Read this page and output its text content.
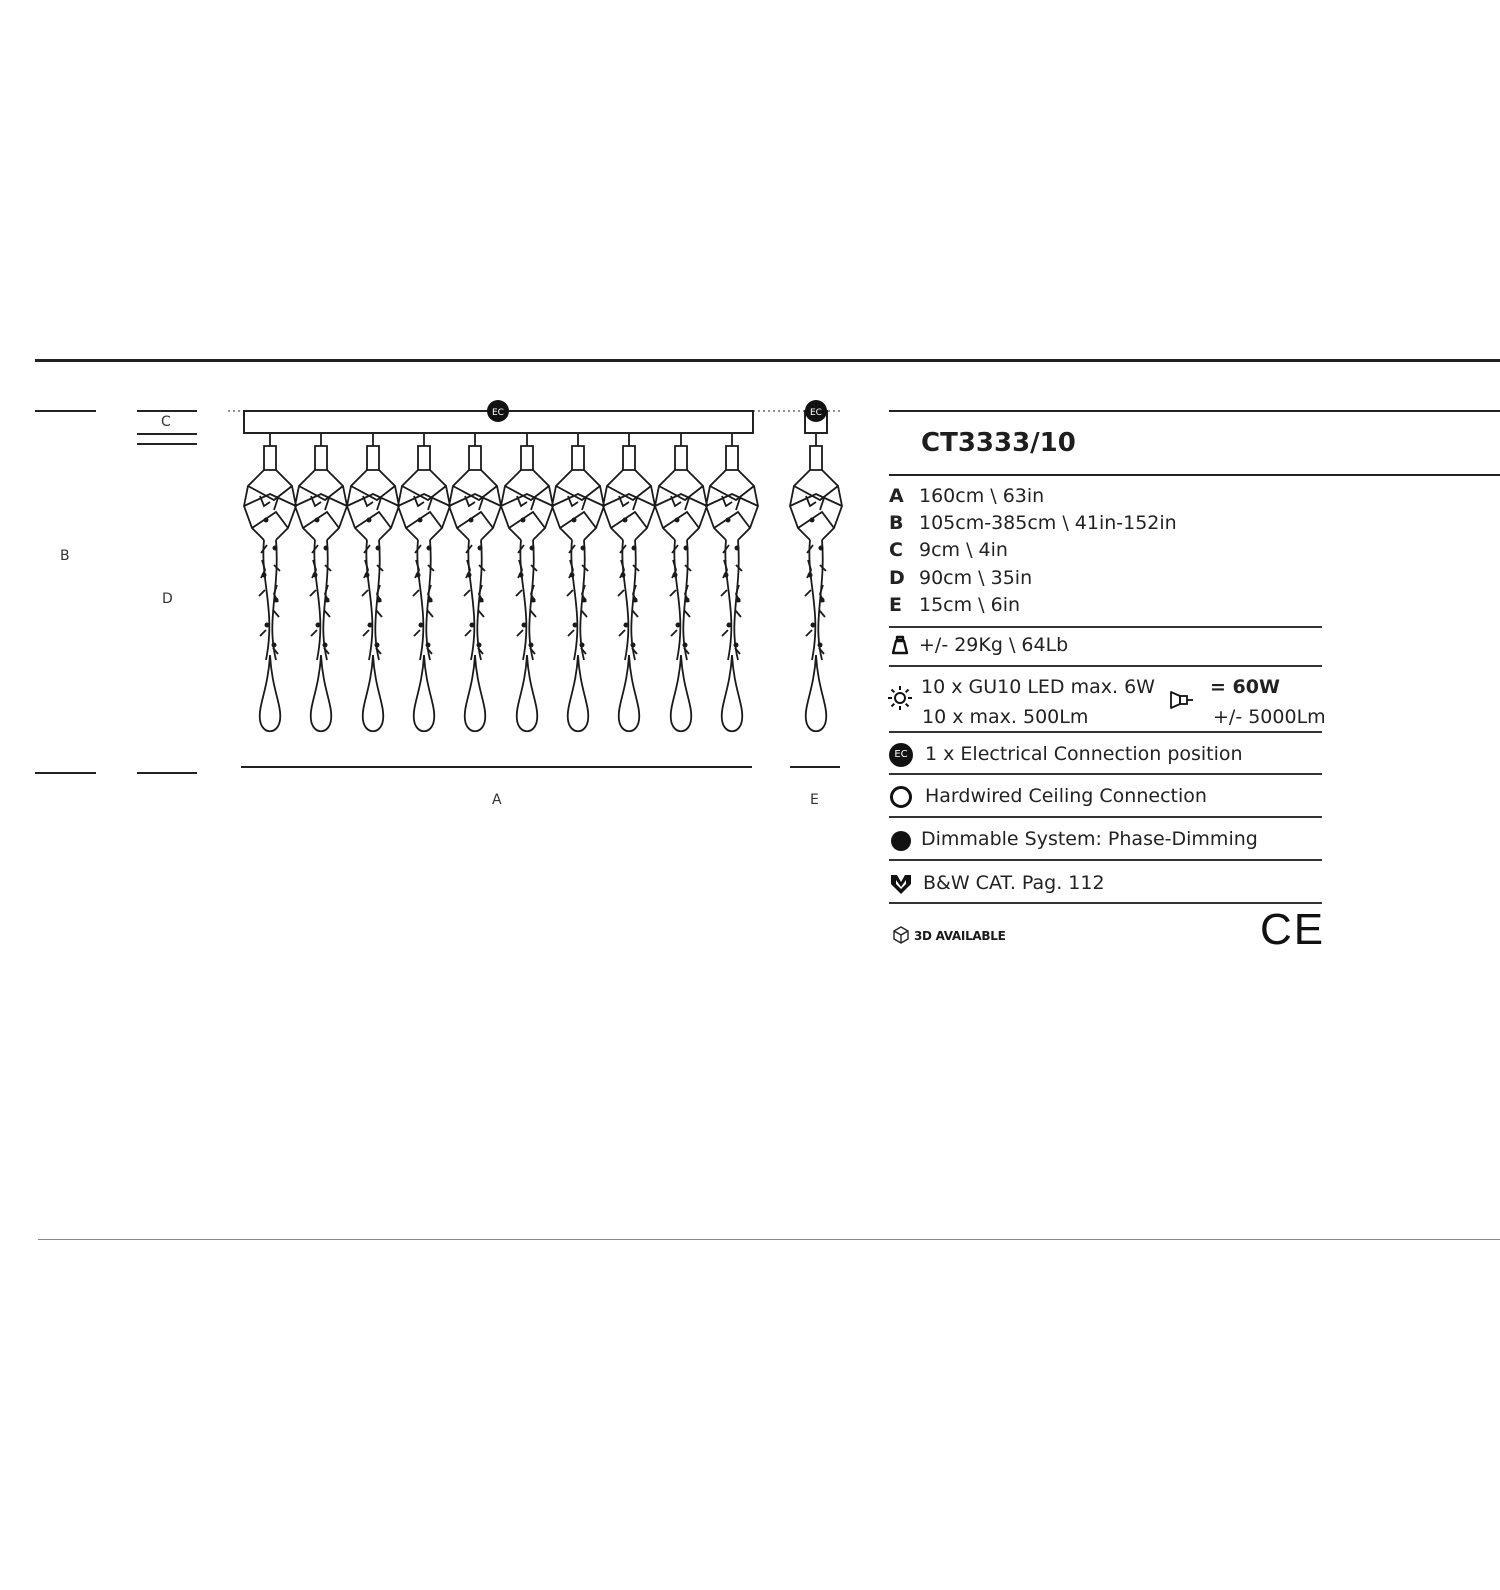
EC	EC
C
B
D
A	E
CT3333/10
A 160cm \ 63in
B 105cm-385cm \ 41in-152in
C 9cm \ 4in
D 90cm \ 35in
E 15cm \ 6in
+/- 29Kg \ 64Lb
10 x GU10 LED max. 6W
10 x max. 500Lm
= 60W
+/- 5000Lm
EC 1 x Electrical Connection position
Hardwired Ceiling Connection
Dimmable System: Phase-Dimming
B&W CAT. Pag. 112
3D AVAILABLE	CE
